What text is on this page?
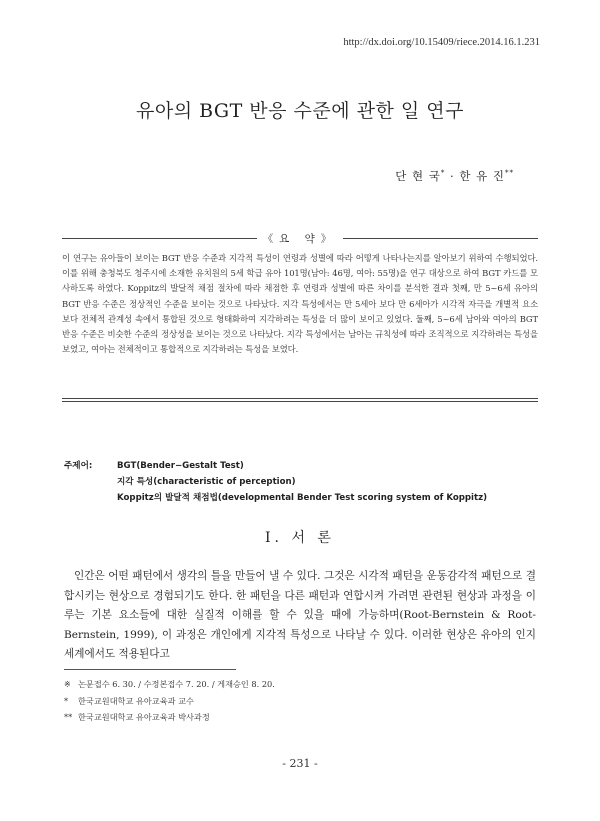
http://dx.doi.org/10.15409/riece.2014.16.1.231
유아의 BGT 반응 수준에 관한 일 연구
단 현 국* · 한 유 진**
《요 약》
이 연구는 유아들이 보이는 BGT 반응 수준과 지각적 특성이 연령과 성별에 따라 어떻게 나타나는지를 알아보기 위하여 수행되었다. 이를 위해 충청북도 청주시에 소재한 유치원의 5세 학급 유아 101명(남아: 46명, 여아: 55명)을 연구 대상으로 하여 BGT 카드를 모사하도록 하였다. Koppitz의 발달적 채점 절차에 따라 채점한 후 연령과 성별에 따른 차이를 분석한 결과 첫째, 만 5~6세 유아의 BGT 반응 수준은 정상적인 수준을 보이는 것으로 나타났다. 지각 특성에서는 만 5세아 보다 만 6세아가 시각적 자극을 개별적 요소보다 전체적 관계성 속에서 통합된 것으로 형태화하여 지각하려는 특성을 더 많이 보이고 있었다. 둘째, 5~6세 남아와 여아의 BGT 반응 수준은 비슷한 수준의 정상성을 보이는 것으로 나타났다. 지각 특성에서는 남아는 규칙성에 따라 조직적으로 지각하려는 특성을 보였고, 여아는 전체적이고 통합적으로 지각하려는 특성을 보였다.
주제어:	BGT(Bender−Gestalt Test)
지각 특성(characteristic of perception)
Koppitz의 발달적 채점법(developmental Bender Test scoring system of Koppitz)
Ⅰ. 서 론
인간은 어떤 패턴에서 생각의 틀을 만들어 낼 수 있다. 그것은 시각적 패턴을 운동감각적 패턴으로 결합시키는 현상으로 경험되기도 한다. 한 패턴을 다른 패턴과 연합시켜 가려면 관련된 현상과 과정을 이루는 기본 요소들에 대한 실질적 이해를 할 수 있을 때에 가능하며(Root-Bernstein & Root-Bernstein, 1999), 이 과정은 개인에게 지각적 특성으로 나타날 수 있다. 이러한 현상은 유아의 인지 세계에서도 적용된다고
※ 논문접수 6. 30. / 수정본접수 7. 20. / 게재승인 8. 20.
* 한국교원대학교 유아교육과 교수
** 한국교원대학교 유아교육과 박사과정
- 231 -
